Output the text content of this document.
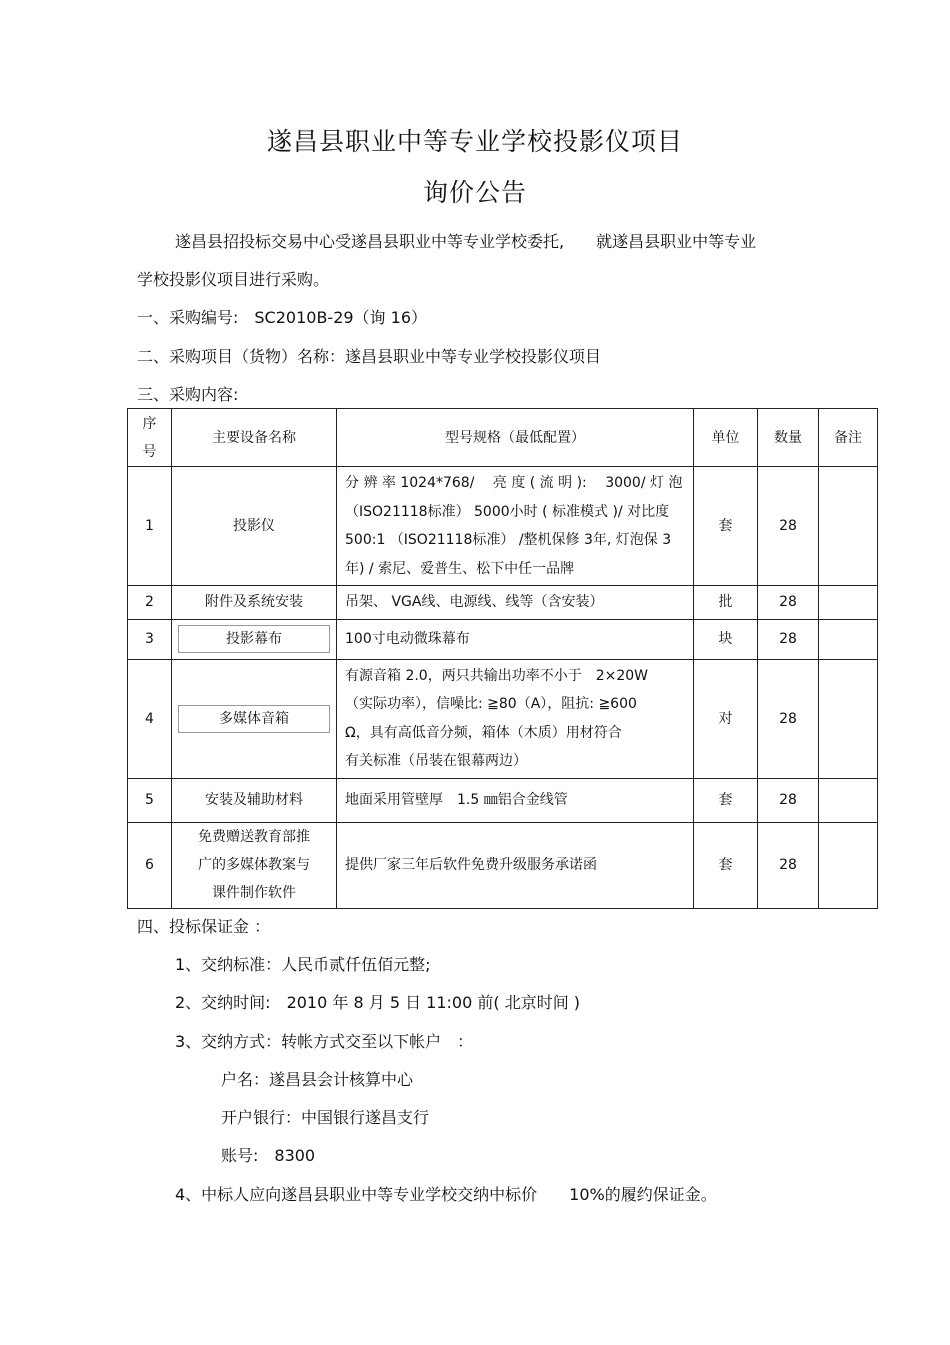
遂昌县职业中等专业学校投影仪项目
询价公告
遂昌县招投标交易中心受遂昌县职业中等专业学校委托,　　就遂昌县职业中等专业
学校投影仪项目进行采购。
一、采购编号:　SC2010B-29（询 16）
二、采购项目（货物）名称：遂昌县职业中等专业学校投影仪项目
三、采购内容:
序
号	主要设备名称	型号规格（最低配置）	单位	数量	备注
1	投影仪	分 辨 率 1024*768/　 亮 度 ( 流 明 ):　 3000/ 灯 泡
（ISO21118标准） 5000小时 ( 标准模式 )/ 对比度
500:1 （ISO21118标准） /整机保修 3年, 灯泡保 3
年) / 索尼、爱普生、松下中任一品牌	套	28	
2	附件及系统安装	吊架、 VGA线、电源线、线等（含安装）	批	28	
3	投影幕布	100寸电动微珠幕布	块	28	
4	多媒体音箱	有源音箱 2.0，两只共输出功率不小于　2×20W
（实际功率），信噪比: ≧80（A），阻抗: ≧600
Ω，具有高低音分频，箱体（木质）用材符合
有关标准（吊装在银幕两边）	对	28	
5	安装及辅助材料	地面采用管壁厚　1.5 ㎜铝合金线管	套	28	
6	免费赠送教育部推
广的多媒体教案与
课件制作软件	提供厂家三年后软件免费升级服务承诺函	套	28	
四、投标保证金 ：
1、交纳标准：人民币贰仟伍佰元整;
2、交纳时间:　2010 年 8 月 5 日 11:00 前( 北京时间 )
3、交纳方式：转帐方式交至以下帐户　：
户名：遂昌县会计核算中心
开户银行：中国银行遂昌支行
账号:　8300
4、中标人应向遂昌县职业中等专业学校交纳中标价　　10%的履约保证金。
